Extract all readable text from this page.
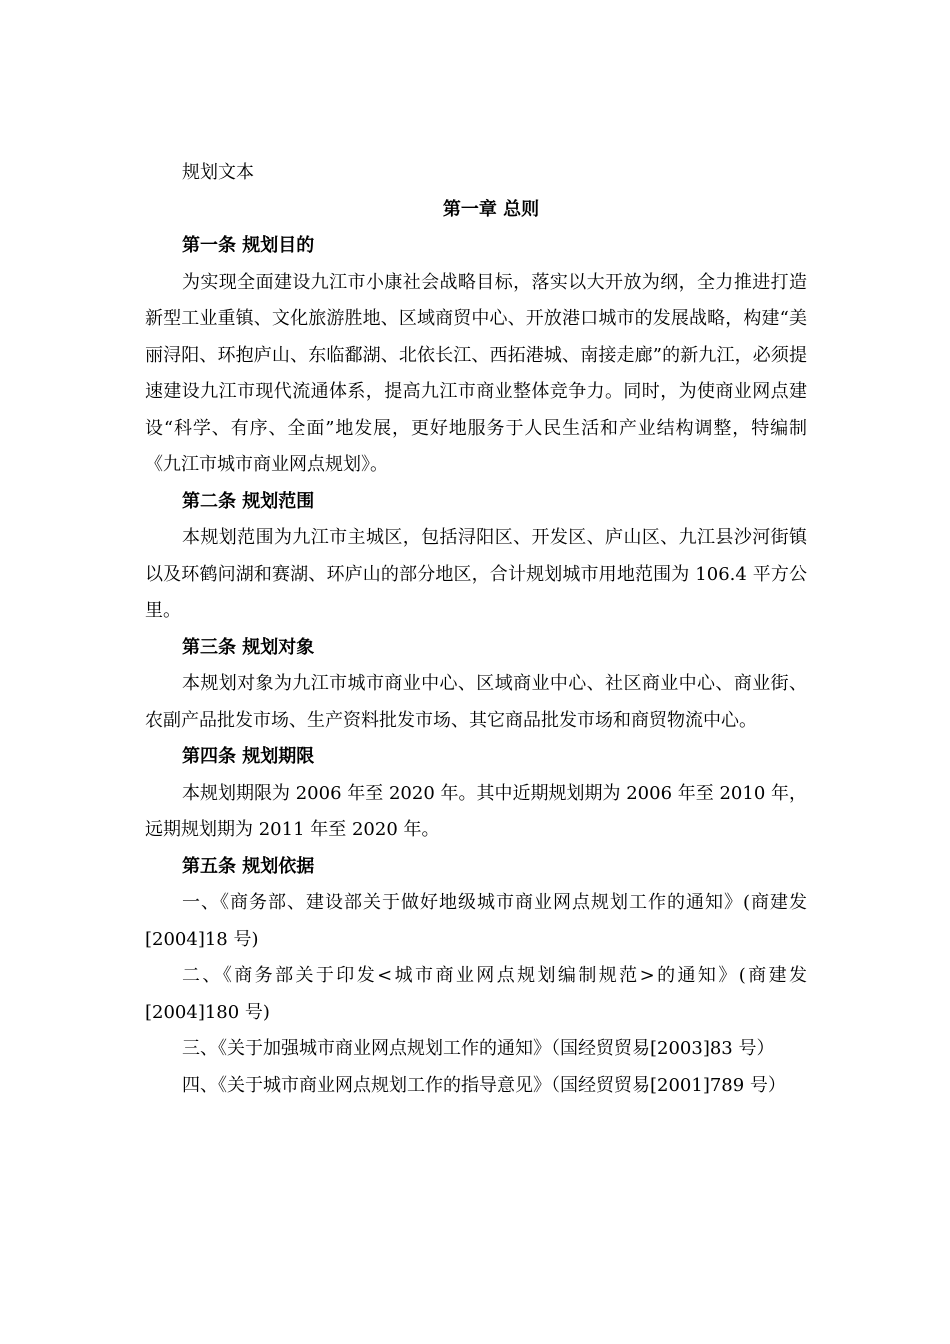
规划文本

第一章 总则
第一条 规划目的

为实现全面建设九江市小康社会战略目标，落实以大开放为纲，全力推进打造新型工业重镇、文化旅游胜地、区域商贸中心、开放港口城市的发展战略，构建“美丽浔阳、环抱庐山、东临鄱湖、北依长江、西拓港城、南接走廊”的新九江，必须提速建设九江市现代流通体系，提高九江市商业整体竞争力。同时，为使商业网点建设“科学、有序、全面”地发展，更好地服务于人民生活和产业结构调整，特编制《九江市城市商业网点规划》。

第二条 规划范围

本规划范围为九江市主城区，包括浔阳区、开发区、庐山区、九江县沙河街镇以及环鹤问湖和赛湖、环庐山的部分地区，合计规划城市用地范围为 106.4 平方公里。

第三条 规划对象

本规划对象为九江市城市商业中心、区域商业中心、社区商业中心、商业街、农副产品批发市场、生产资料批发市场、其它商品批发市场和商贸物流中心。

第四条 规划期限

本规划期限为 2006 年至 2020 年。其中近期规划期为 2006 年至 2010 年，远期规划期为 2011 年至 2020 年。

第五条 规划依据

一、《商务部、建设部关于做好地级城市商业网点规划工作的通知》(商建发[2004]18 号)

二、《商务部关于印发<城市商业网点规划编制规范>的通知》(商建发[2004]180 号)

三、《关于加强城市商业网点规划工作的通知》（国经贸贸易[2003]83 号）

四、《关于城市商业网点规划工作的指导意见》（国经贸贸易[2001]789 号）
